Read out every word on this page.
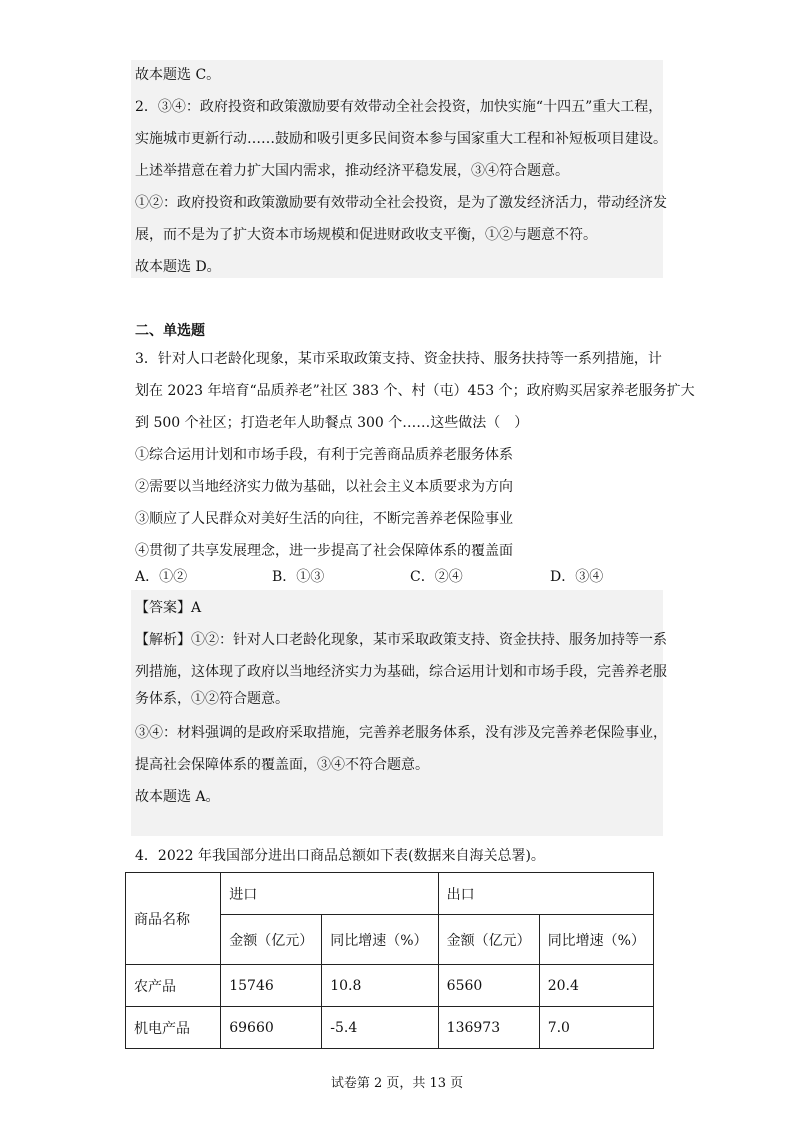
故本题选 C。
2．③④：政府投资和政策激励要有效带动全社会投资，加快实施“十四五”重大工程，
实施城市更新行动……鼓励和吸引更多民间资本参与国家重大工程和补短板项目建设。
上述举措意在着力扩大国内需求，推动经济平稳发展，③④符合题意。
①②：政府投资和政策激励要有效带动全社会投资，是为了激发经济活力，带动经济发
展，而不是为了扩大资本市场规模和促进财政收支平衡，①②与题意不符。
故本题选 D。
二、单选题
3．针对人口老龄化现象，某市采取政策支持、资金扶持、服务扶持等一系列措施，计
划在 2023 年培育“品质养老”社区 383 个、村（屯）453 个；政府购买居家养老服务扩大
到 500 个社区；打造老年人助餐点 300 个……这些做法（　）
①综合运用计划和市场手段，有利于完善商品质养老服务体系
②需要以当地经济实力做为基础，以社会主义本质要求为方向
③顺应了人民群众对美好生活的向往，不断完善养老保险事业
④贯彻了共享发展理念，进一步提高了社会保障体系的覆盖面
A．①②	B．①③	C．②④	D．③④
【答案】A
【解析】①②：针对人口老龄化现象，某市采取政策支持、资金扶持、服务加持等一系
列措施，这体现了政府以当地经济实力为基础，综合运用计划和市场手段，完善养老服
务体系，①②符合题意。
③④：材料强调的是政府采取措施，完善养老服务体系，没有涉及完善养老保险事业，
提高社会保障体系的覆盖面，③④不符合题意。
故本题选 A。
4．2022 年我国部分进出口商品总额如下表(数据来自海关总署)。
商品名称	进口		出口	
	金额（亿元）	同比增速（%）	金额（亿元）	同比增速（%）
农产品	15746	10.8	6560	20.4
机电产品	69660	-5.4	136973	7.0
试卷第 2 页，共 13 页
